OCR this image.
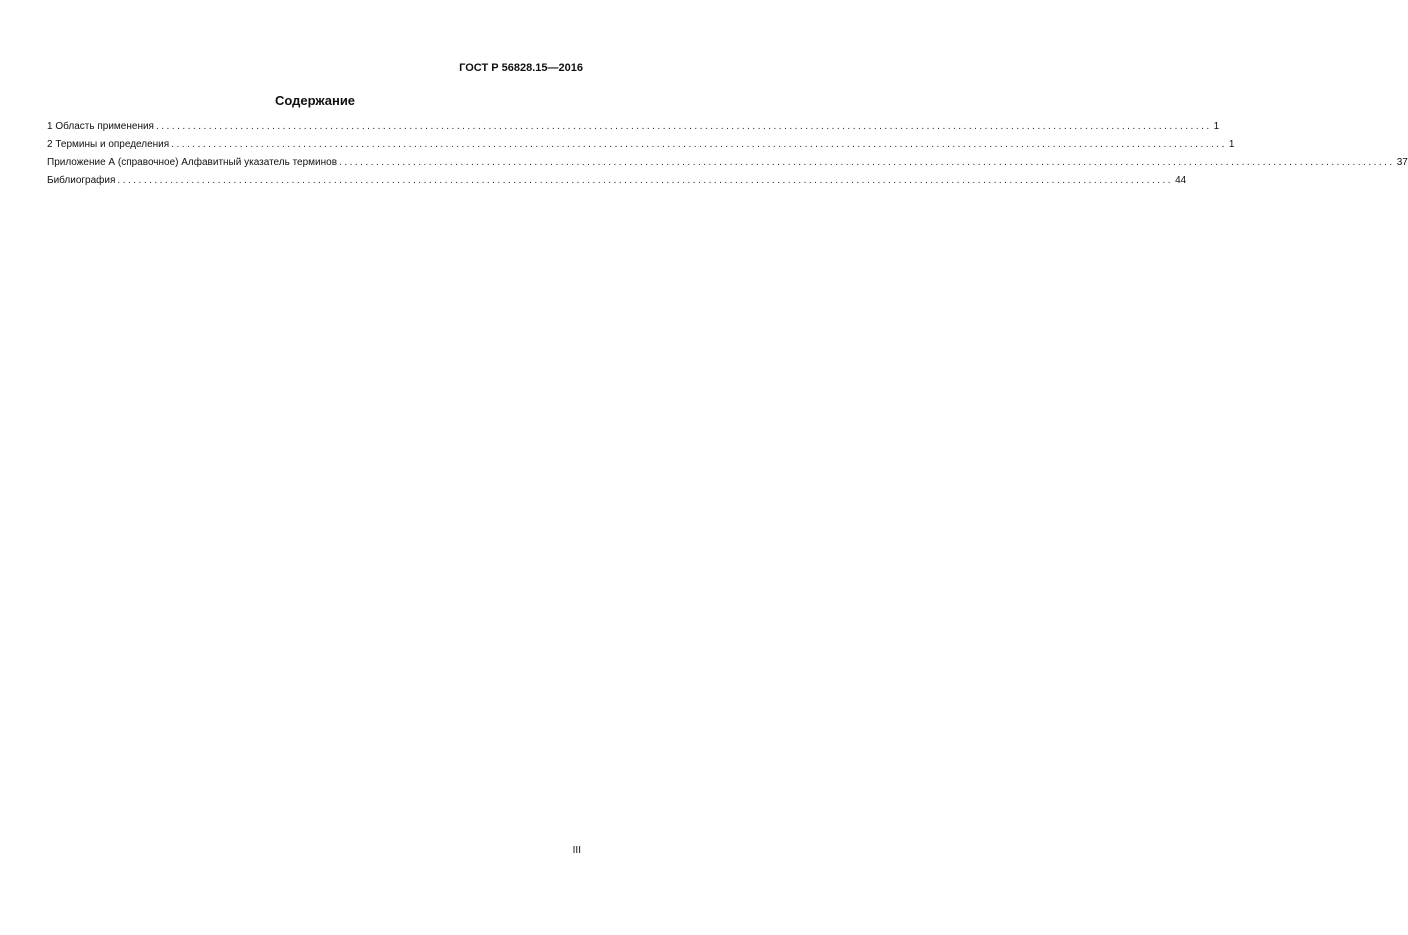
ГОСТ Р 56828.15—2016
Содержание
1 Область применения ........................................................................................................................................................................................................ 1
2 Термины и определения ........................................................................................................................................................................................................ 1
Приложение А (справочное) Алфавитный указатель терминов ........................................................................................................................................................................................................ 37
Библиография ........................................................................................................................................................................................................ 44
III
